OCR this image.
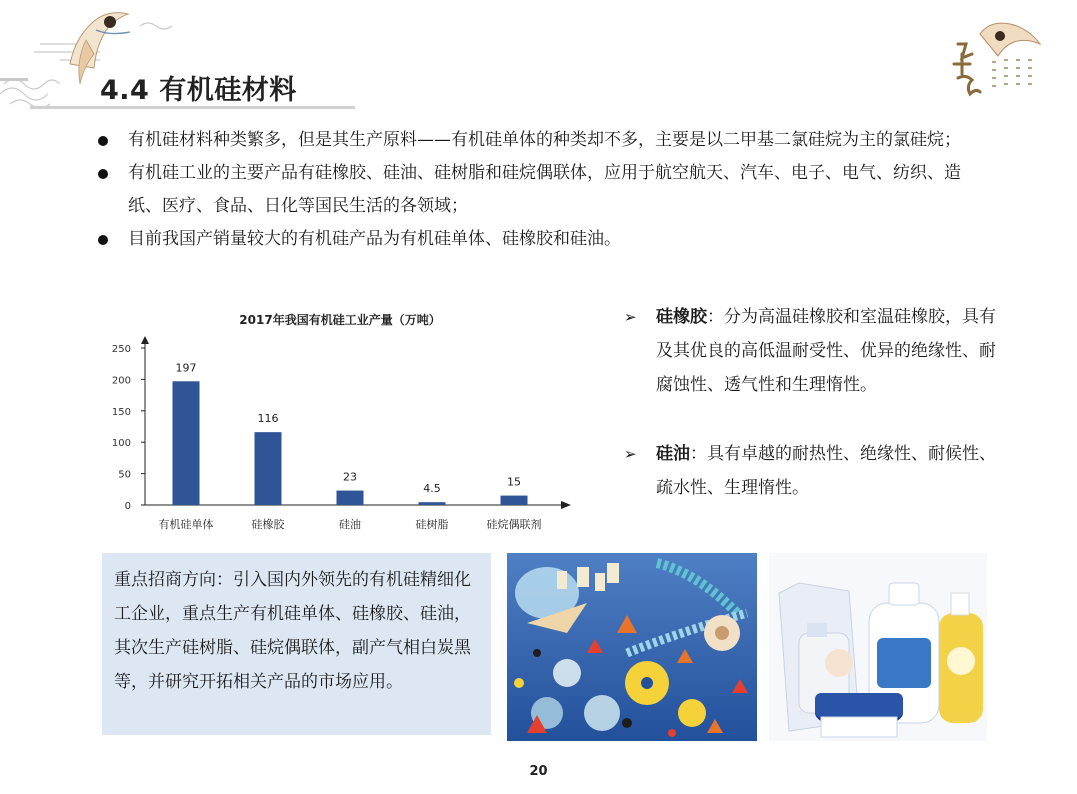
4.4 有机硅材料
有机硅材料种类繁多，但是其生产原料——有机硅单体的种类却不多，主要是以二甲基二氯硅烷为主的氯硅烷；
有机硅工业的主要产品有硅橡胶、硅油、硅树脂和硅烷偶联体，应用于航空航天、汽车、电子、电气、纺织、造纸、医疗、食品、日化等国民生活的各领域；
目前我国产销量较大的有机硅产品为有机硅单体、硅橡胶和硅油。
2017年我国有机硅工业产量（万吨）
0
50
100
150
200
250
197
有机硅单体
116
硅橡胶
23
硅油
4.5
硅树脂
15
硅烷偶联剂
➢ 硅橡胶：分为高温硅橡胶和室温硅橡胶，具有及其优良的高低温耐受性、优异的绝缘性、耐腐蚀性、透气性和生理惰性。
➢ 硅油：具有卓越的耐热性、绝缘性、耐候性、疏水性、生理惰性。
重点招商方向：引入国内外领先的有机硅精细化工企业，重点生产有机硅单体、硅橡胶、硅油，其次生产硅树脂、硅烷偶联体，副产气相白炭黑等，并研究开拓相关产品的市场应用。
20
